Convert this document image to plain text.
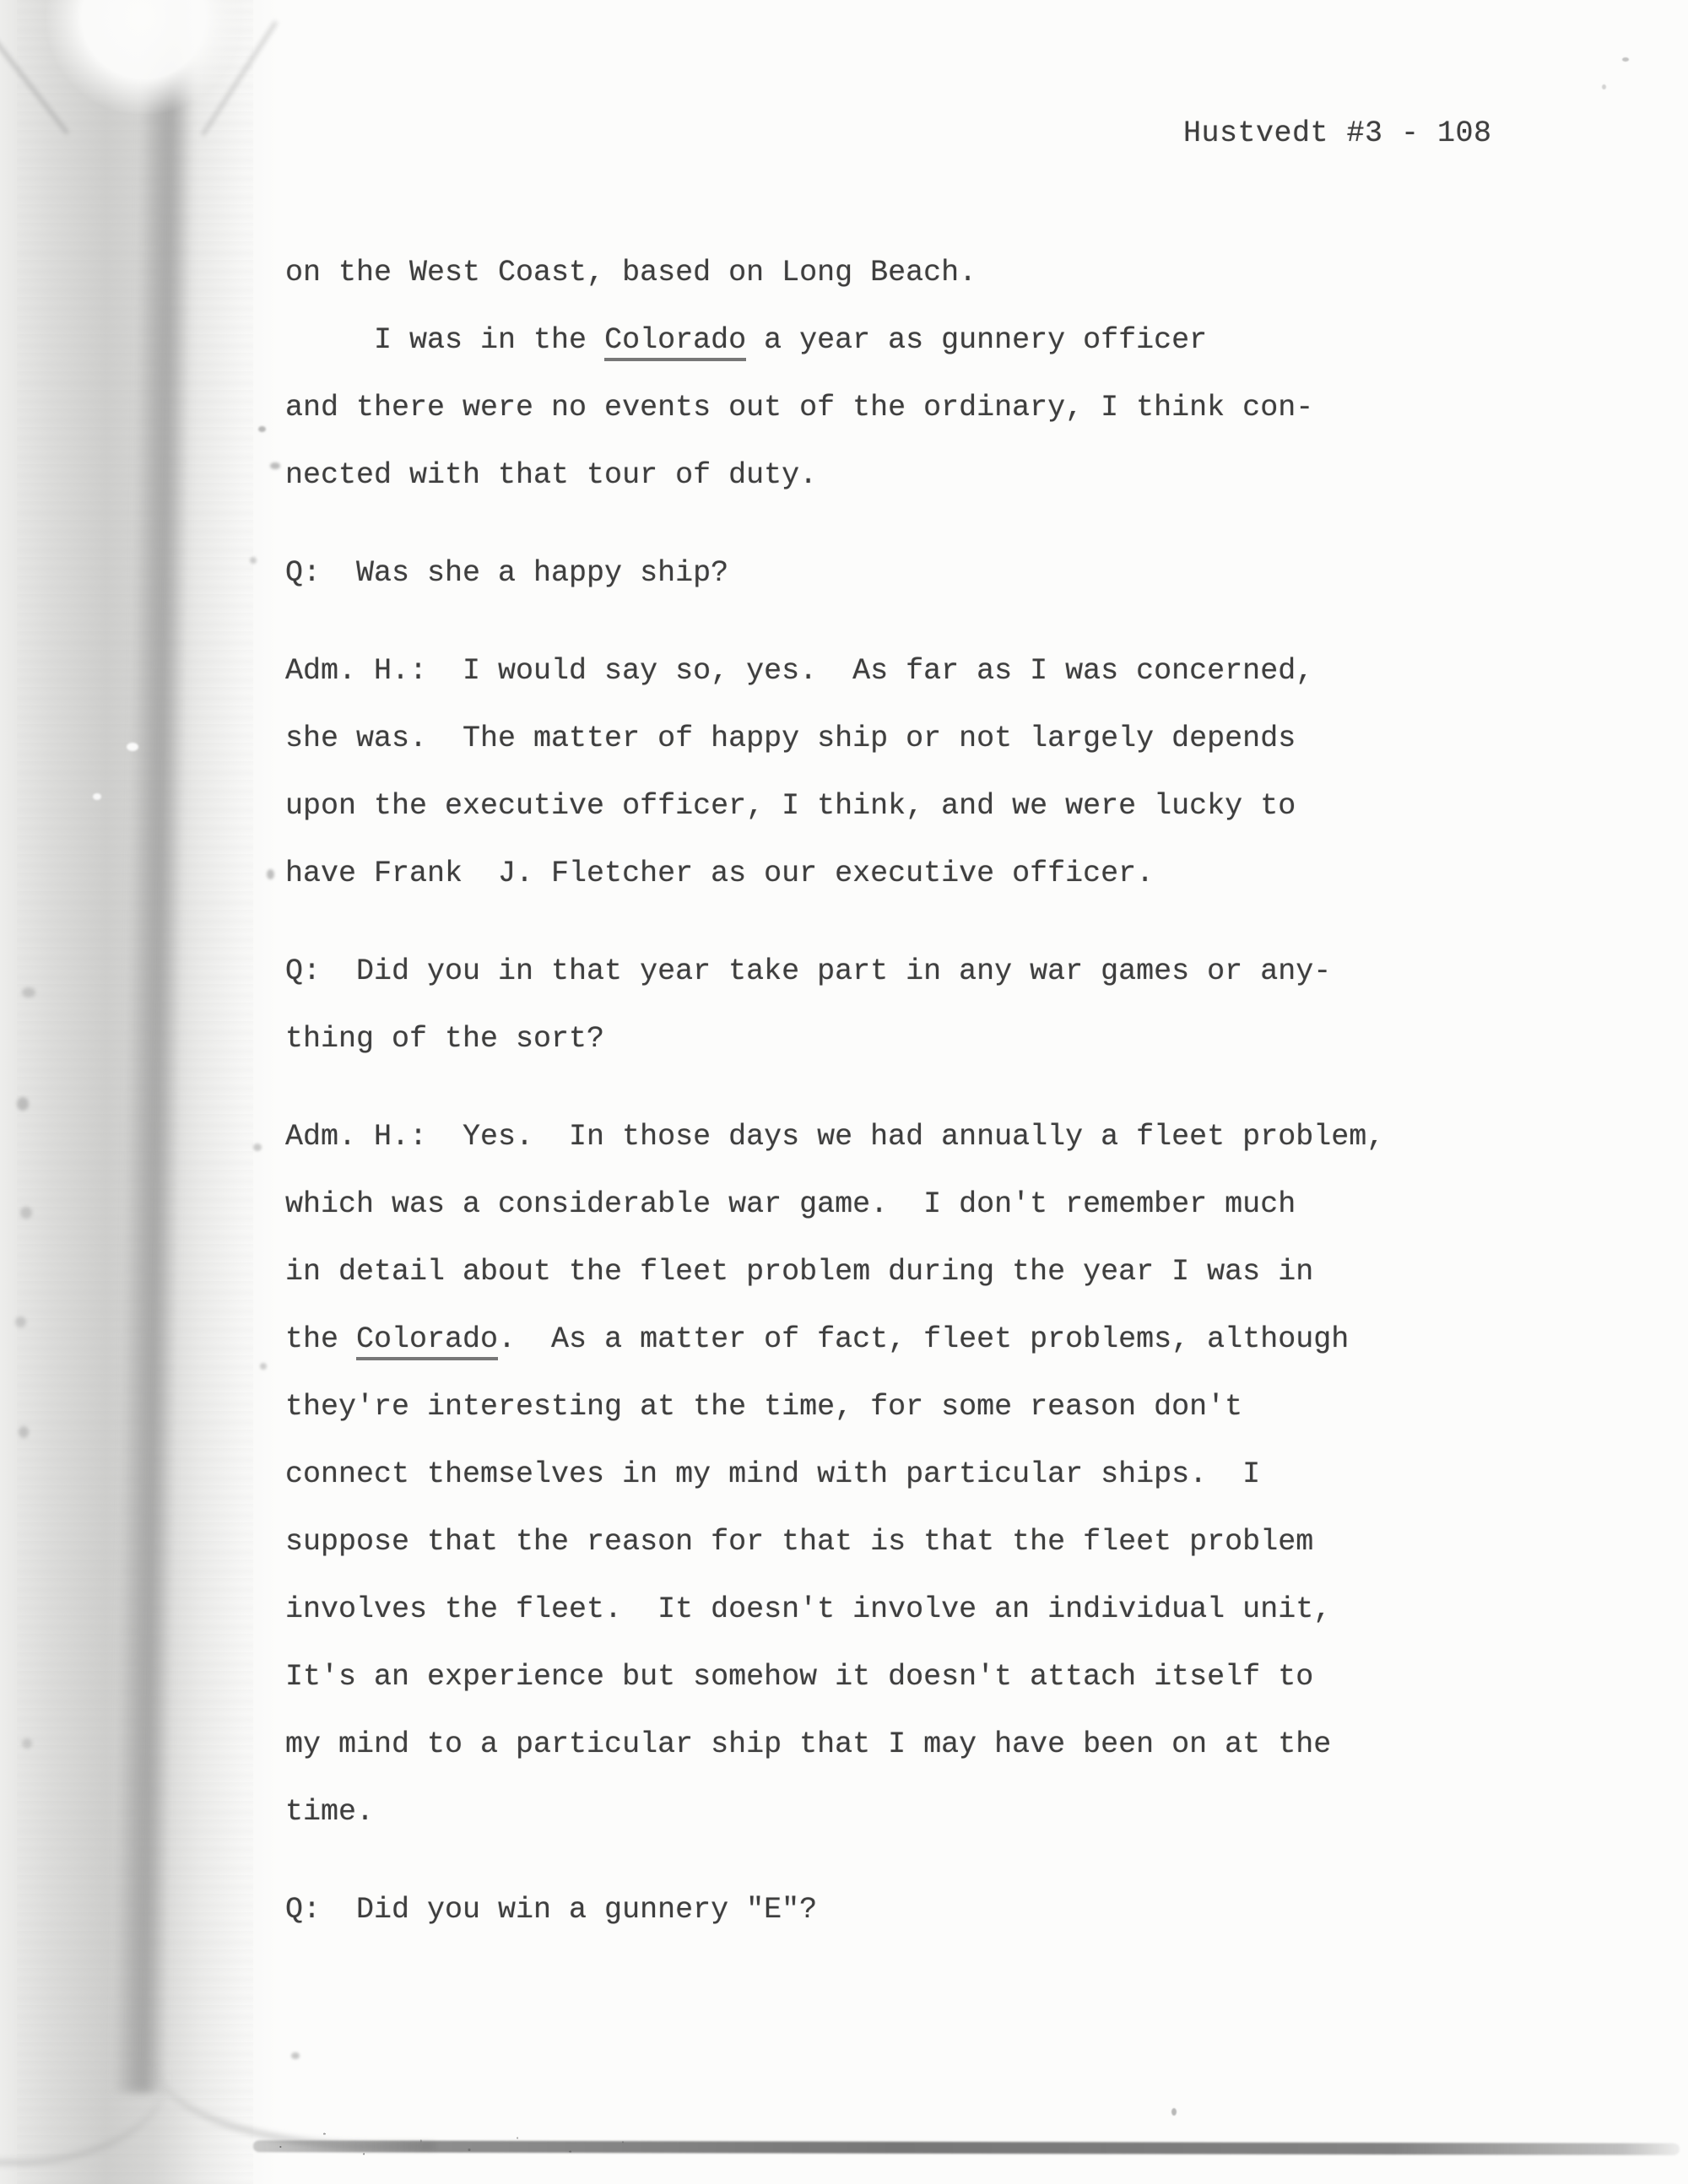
Hustvedt #3 - 108
on the West Coast, based on Long Beach.
I was in the Colorado a year as gunnery officer
and there were no events out of the ordinary, I think con-
nected with that tour of duty.
Q:  Was she a happy ship?
Adm. H.:  I would say so, yes.  As far as I was concerned,
she was.  The matter of happy ship or not largely depends
upon the executive officer, I think, and we were lucky to
have Frank  J. Fletcher as our executive officer.
Q:  Did you in that year take part in any war games or any-
thing of the sort?
Adm. H.:  Yes.  In those days we had annually a fleet problem,
which was a considerable war game.  I don't remember much
in detail about the fleet problem during the year I was in
the Colorado.  As a matter of fact, fleet problems, although
they're interesting at the time, for some reason don't
connect themselves in my mind with particular ships.  I
suppose that the reason for that is that the fleet problem
involves the fleet.  It doesn't involve an individual unit,
It's an experience but somehow it doesn't attach itself to
my mind to a particular ship that I may have been on at the
time.
Q:  Did you win a gunnery "E"?
